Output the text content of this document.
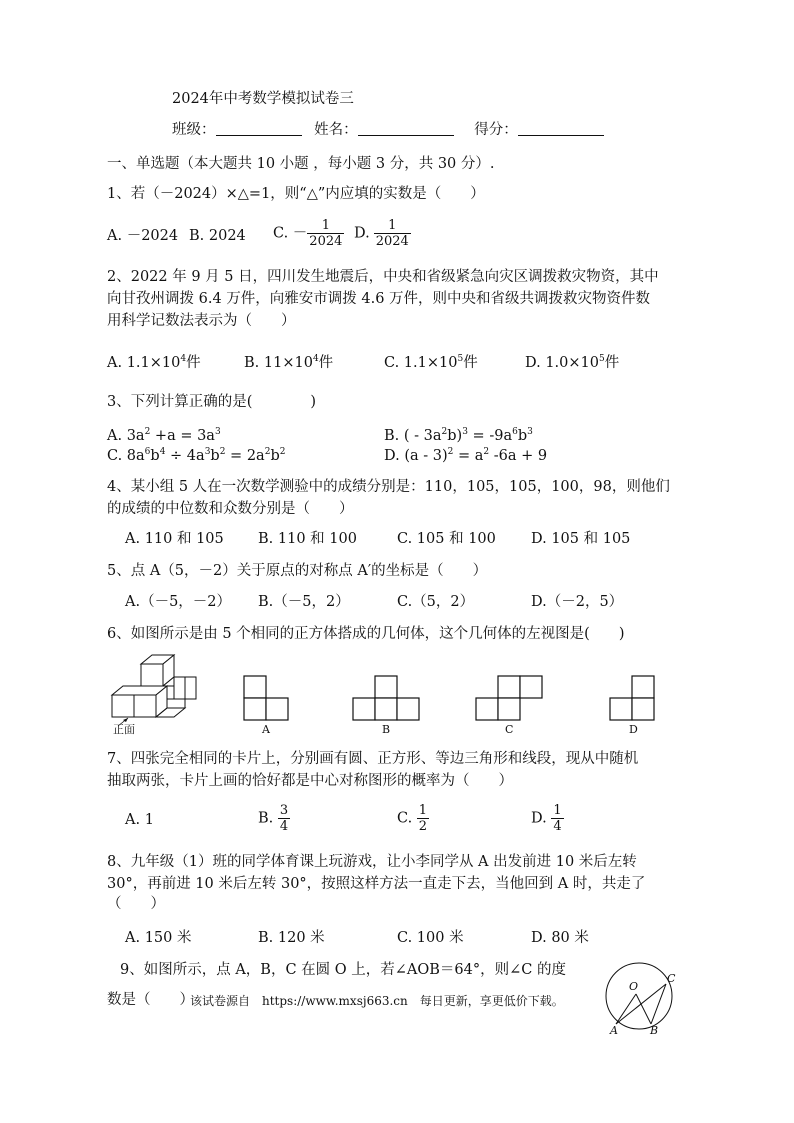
2024年中考数学模拟试卷三
班级：	姓名：	得分：
一、单选题（本大题共 10 小题 ，每小题 3 分，共 30 分）.
1、若（－2024）×△=1，则“△”内应填的实数是（　　）
A. －2024 B. 2024 C. － $\frac{1}{2024} D$. $\frac{1}{2024}$
2、2022 年 9 月 5 日，四川发生地震后，中央和省级紧急向灾区调拨救灾物资，其中
向甘孜州调拨 6.4 万件，向雅安市调拨 4.6 万件，则中央和省级共调拨救灾物资件数
用科学记数法表示为（　　）
A. $1.1\times 10^4$件	B. $11\times 10^4$件	C. $1.1\times 10^5$件	D. $1.0\times 10^5$件
3、下列计算正确的是(　　　　)
A. $3a^2 +a = 3a^3$	B. ( - $3a^2b)^3 = -9a^6b^3$
C. $8a^6b^4 \div 4a^3b^2 = 2a^2b^2$	D. $(a - 3)^2 = a^2$ -6a + 9
4、某小组 5 人在一次数学测验中的成绩分别是：110，105，105，100，98，则他们
的成绩的中位数和众数分别是（　　）
A. 110 和 105 B. 110 和 100	C. 105 和 100 D. 105 和 105
5、点 A（5，－2）关于原点的对称点 A′的坐标是（　　）
A.（－5，－2） B.（－5，2）	C.（5，2）	D.（－2，5）
6、如图所示是由 5 个相同的正方体搭成的几何体，这个几何体的左视图是(　　)
正面	A	B	C	D
7、四张完全相同的卡片上，分别画有圆、正方形、等边三角形和线段，现从中随机
抽取两张，卡片上画的恰好都是中心对称图形的概率为（　　）
A. 1	B. $\frac{3}{4}$	C. $\frac{1}{2}$	D. $\frac{1}{4}$
8、九年级（1）班的同学体育课上玩游戏，让小李同学从 A 出发前进 10 米后左转
30°，再前进 10 米后左转 30°，按照这样方法一直走下去，当他回到 A 时，共走了
（　　）
A. 150 米	B. 120 米	C. 100 米	D. 80 米
9、如图所示，点 A，B，C 在圆 O 上，若∠AOB＝64°，则∠C 的度
数是（　　）
该试卷源自　https://www.mxsj663.cn　每日更新，享更低价下载。
O
A	B
C
